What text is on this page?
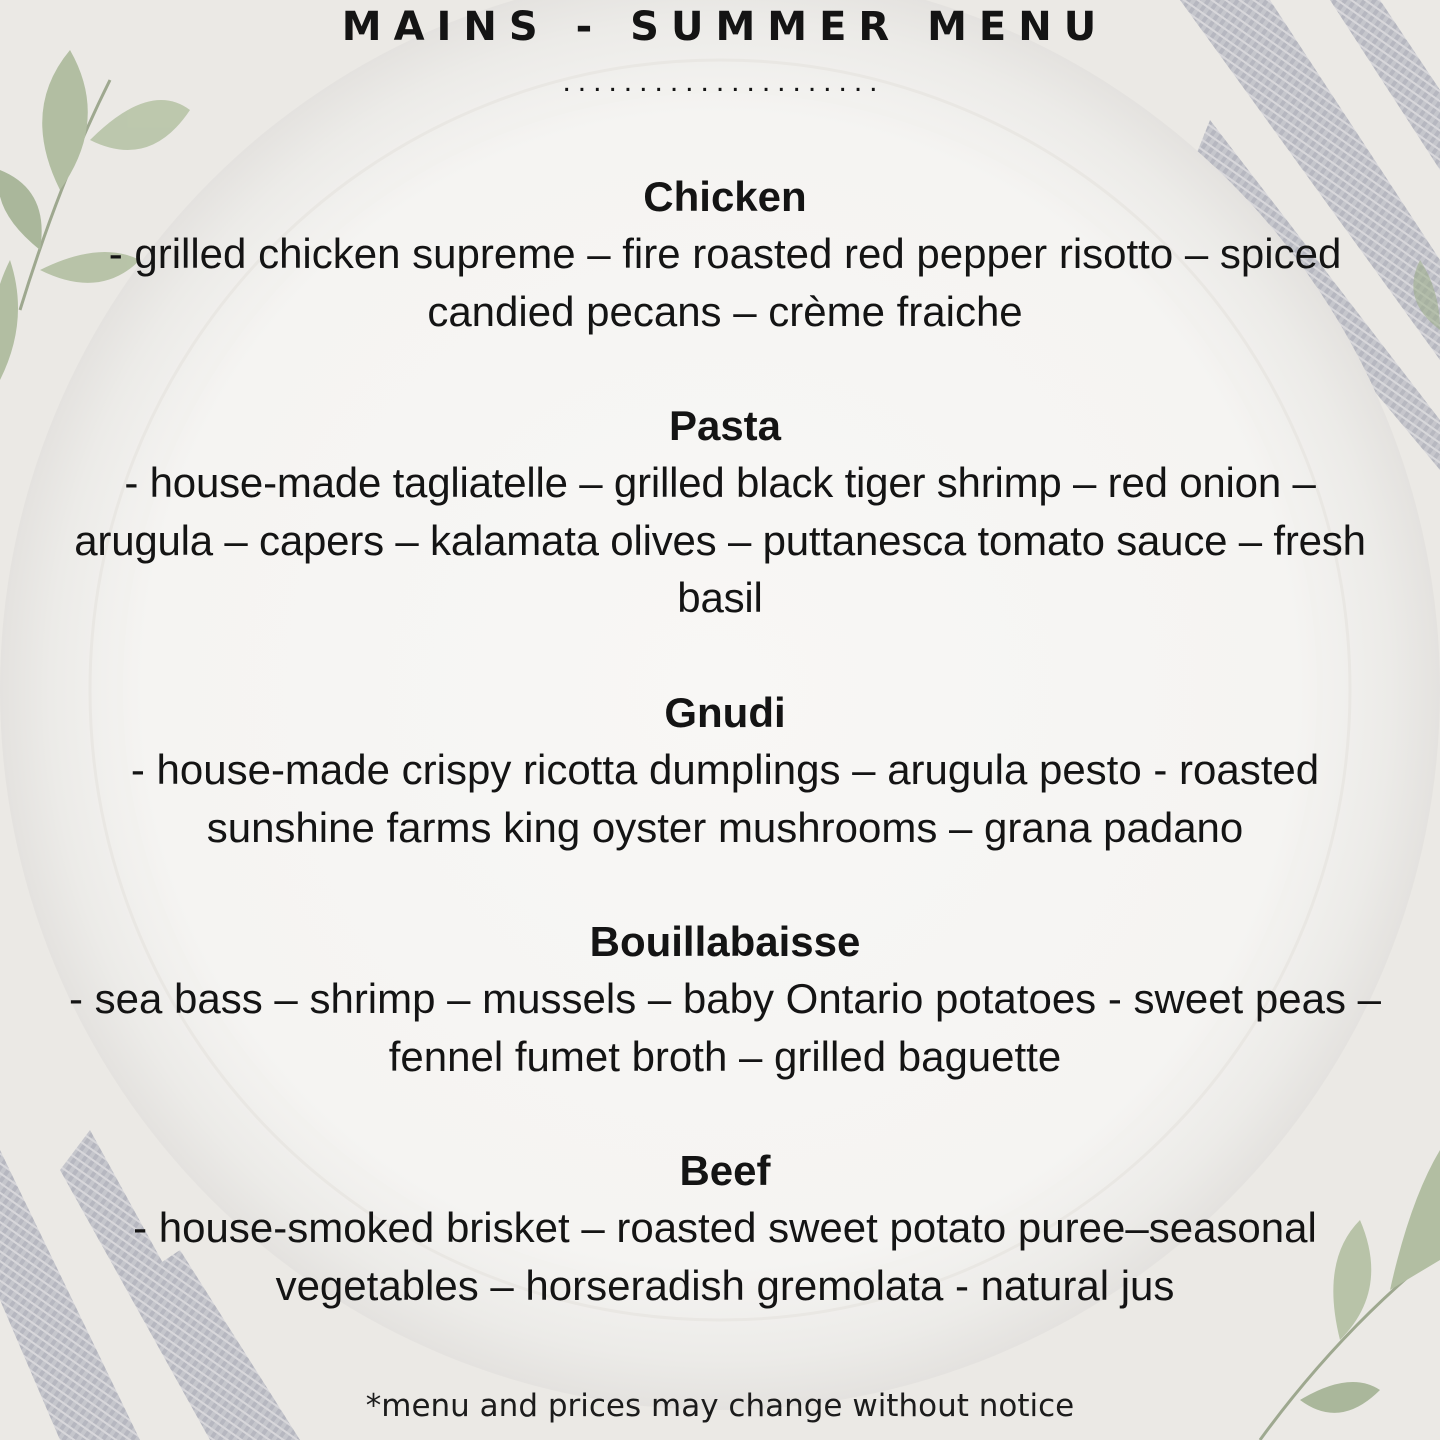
MAINS - SUMMER MENU
.....................
Chicken

- grilled chicken supreme – fire roasted red pepper risotto – spiced

candied pecans – crème fraiche

Pasta

- house-made tagliatelle – grilled black tiger shrimp – red onion –

arugula – capers – kalamata olives – puttanesca tomato sauce – fresh

basil

Gnudi

- house-made crispy ricotta dumplings – arugula pesto - roasted

sunshine farms king oyster mushrooms – grana padano

Bouillabaisse

- sea bass – shrimp – mussels – baby Ontario potatoes - sweet peas –

fennel fumet broth – grilled baguette

Beef

- house-smoked brisket – roasted sweet potato puree–seasonal

vegetables – horseradish gremolata - natural jus

*menu and prices may change without notice
